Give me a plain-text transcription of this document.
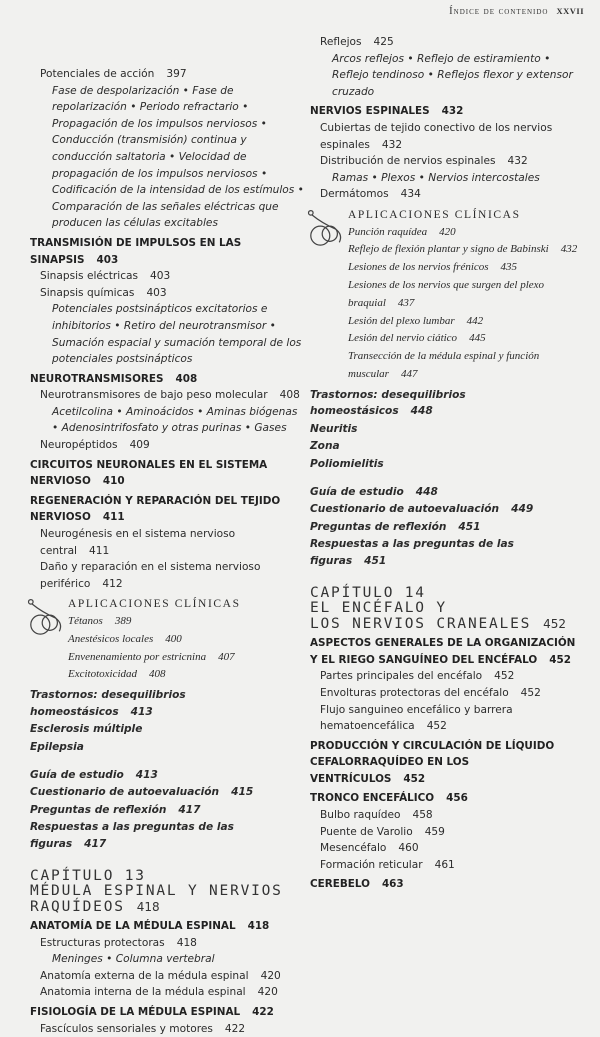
Índice de contenido XXVII
Potenciales de acción 397
Fase de despolarización • Fase de repolarización • Periodo refractario • Propagación de los impulsos nerviosos • Conducción (transmisión) continua y conducción saltatoria • Velocidad de propagación de los impulsos nerviosos • Codificación de la intensidad de los estímulos • Comparación de las señales eléctricas que producen las células excitables
TRANSMISIÓN DE IMPULSOS EN LAS SINAPSIS 403
Sinapsis eléctricas 403
Sinapsis químicas 403
Potenciales postsinápticos excitatorios e inhibitorios • Retiro del neurotransmisor • Sumación espacial y sumación temporal de los potenciales postsinápticos
NEUROTRANSMISORES 408
Neurotransmisores de bajo peso molecular 408
Acetilcolina • Aminoácidos • Aminas biógenas • Adenosintrifosfato y otras purinas • Gases
Neuropéptidos 409
CIRCUITOS NEURONALES EN EL SISTEMA NERVIOSO 410
REGENERACIÓN Y REPARACIÓN DEL TEJIDO NERVIOSO 411
Neurogénesis en el sistema nervioso central 411
Daño y reparación en el sistema nervioso periférico 412
APLICACIONES CLÍNICAS
Tétanos 389
Anestésicos locales 400
Envenenamiento por estricnina 407
Excitotoxicidad 408
Trastornos: desequilibrios homeostásicos 413
Esclerosis múltiple
Epilepsia
Guía de estudio 413
Cuestionario de autoevaluación 415
Preguntas de reflexión 417
Respuestas a las preguntas de las figuras 417
CAPÍTULO 13
MÉDULA ESPINAL Y NERVIOS
RAQUÍDEOS 418
ANATOMÍA DE LA MÉDULA ESPINAL 418
Estructuras protectoras 418
Meninges • Columna vertebral
Anatomía externa de la médula espinal 420
Anatomia interna de la médula espinal 420
FISIOLOGÍA DE LA MÉDULA ESPINAL 422
Fascículos sensoriales y motores 422
Reflejos 425
Arcos reflejos • Reflejo de estiramiento • Reflejo tendinoso • Reflejos flexor y extensor cruzado
NERVIOS ESPINALES 432
Cubiertas de tejido conectivo de los nervios espinales 432
Distribución de nervios espinales 432
Ramas • Plexos • Nervios intercostales
Dermátomos 434
APLICACIONES CLÍNICAS
Punción raquídea 420
Reflejo de flexión plantar y signo de Babinski 432
Lesiones de los nervios frénicos 435
Lesiones de los nervios que surgen del plexo braquial 437
Lesión del plexo lumbar 442
Lesión del nervio ciático 445
Transección de la médula espinal y función muscular 447
Trastornos: desequilibrios homeostásicos 448
Neuritis
Zona
Poliomielitis
Guía de estudio 448
Cuestionario de autoevaluación 449
Preguntas de reflexión 451
Respuestas a las preguntas de las figuras 451
CAPÍTULO 14
EL ENCÉFALO Y
LOS NERVIOS CRANEALES 452
ASPECTOS GENERALES DE LA ORGANIZACIÓN Y EL RIEGO SANGUÍNEO DEL ENCÉFALO 452
Partes principales del encéfalo 452
Envolturas protectoras del encéfalo 452
Flujo sanguineo encefálico y barrera hematoencefálica 452
PRODUCCIÓN Y CIRCULACIÓN DE LÍQUIDO CEFALORRAQUÍDEO EN LOS VENTRÍCULOS 452
TRONCO ENCEFÁLICO 456
Bulbo raquídeo 458
Puente de Varolio 459
Mesencéfalo 460
Formación reticular 461
CEREBELO 463
